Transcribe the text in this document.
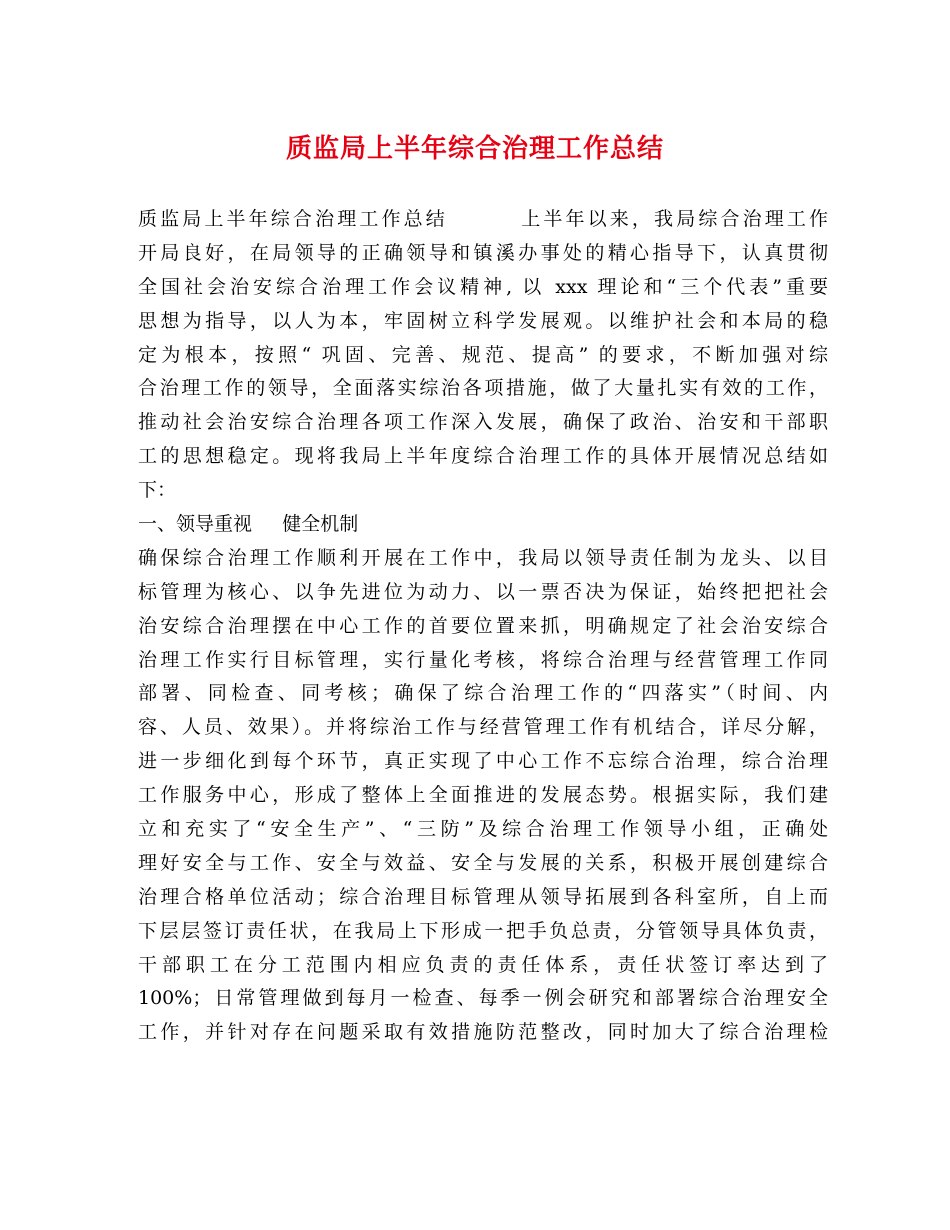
质监局上半年综合治理工作总结
质监局上半年综合治理工作总结        上半年以来，我局综合治理工作
开局良好，在局领导的正确领导和镇溪办事处的精心指导下，认真贯彻
全国社会治安综合治理工作会议精神, 以 xxx 理论和“三个代表”重要
思想为指导，以人为本，牢固树立科学发展观。以维护社会和本局的稳
定为根本，按照“ 巩固、完善、规范、提高” 的要求，不断加强对综
合治理工作的领导，全面落实综治各项措施，做了大量扎实有效的工作，
推动社会治安综合治理各项工作深入发展，确保了政治、治安和干部职
工的思想稳定。现将我局上半年度综合治理工作的具体开展情况总结如
下：
一、领导重视     健全机制
确保综合治理工作顺利开展在工作中，我局以领导责任制为龙头、以目
标管理为核心、以争先进位为动力、以一票否决为保证，始终把把社会
治安综合治理摆在中心工作的首要位置来抓，明确规定了社会治安综合
治理工作实行目标管理，实行量化考核，将综合治理与经营管理工作同
部署、同检查、同考核；确保了综合治理工作的“四落实”（时间、内
容、人员、效果）。并将综治工作与经营管理工作有机结合，详尽分解，
进一步细化到每个环节，真正实现了中心工作不忘综合治理，综合治理
工作服务中心，形成了整体上全面推进的发展态势。根据实际，我们建
立和充实了“安全生产”、“三防”及综合治理工作领导小组，正确处
理好安全与工作、安全与效益、安全与发展的关系，积极开展创建综合
治理合格单位活动；综合治理目标管理从领导拓展到各科室所，自上而
下层层签订责任状，在我局上下形成一把手负总责，分管领导具体负责，
干部职工在分工范围内相应负责的责任体系，责任状签订率达到了
100%；日常管理做到每月一检查、每季一例会研究和部署综合治理安全
工作，并针对存在问题采取有效措施防范整改，同时加大了综合治理检
